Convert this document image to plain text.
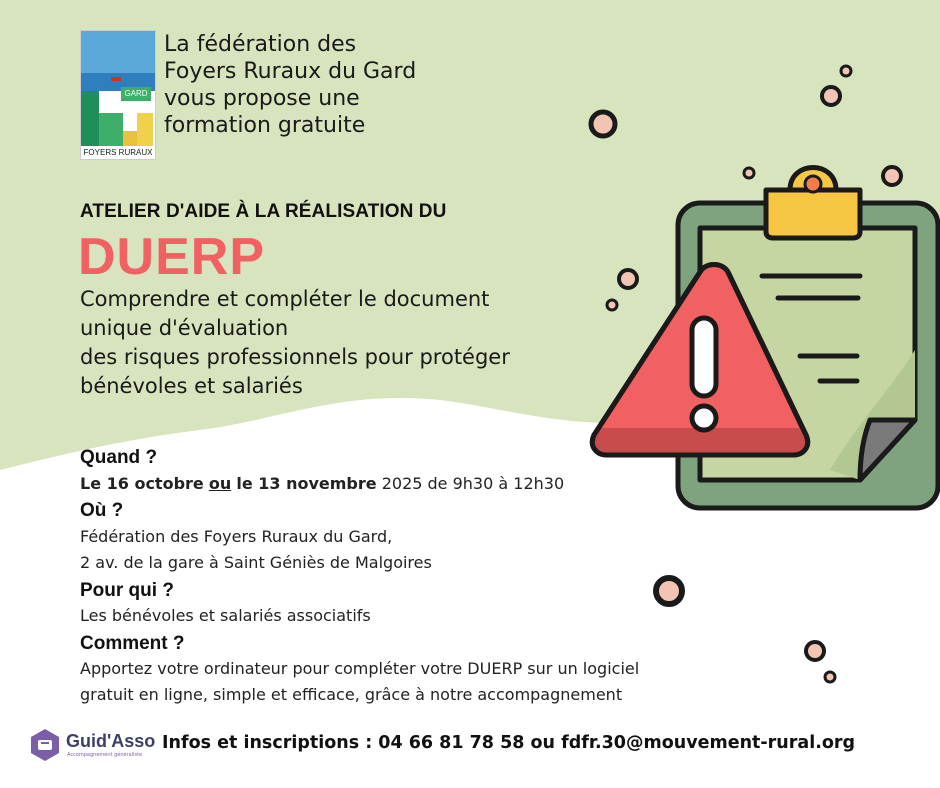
GARD
FOYERS RURAUX
La fédération des
Foyers Ruraux du Gard
vous propose une
formation gratuite
ATELIER D'AIDE À LA RÉALISATION DU
DUERP
Comprendre et compléter le document
unique d'évaluation
des risques professionnels pour protéger
bénévoles et salariés
Quand ?
Le 16 octobre ou le 13 novembre 2025 de 9h30 à 12h30
Où ?
Fédération des Foyers Ruraux du Gard,
2 av. de la gare à Saint Géniès de Malgoires
Pour qui ?
Les bénévoles et salariés associatifs
Comment ?
Apportez votre ordinateur pour compléter votre DUERP sur un logiciel
gratuit en ligne, simple et efficace, grâce à notre accompagnement
Guid'Asso
Accompagnement généraliste
Infos et inscriptions : 04 66 81 78 58 ou fdfr.30@mouvement-rural.org
